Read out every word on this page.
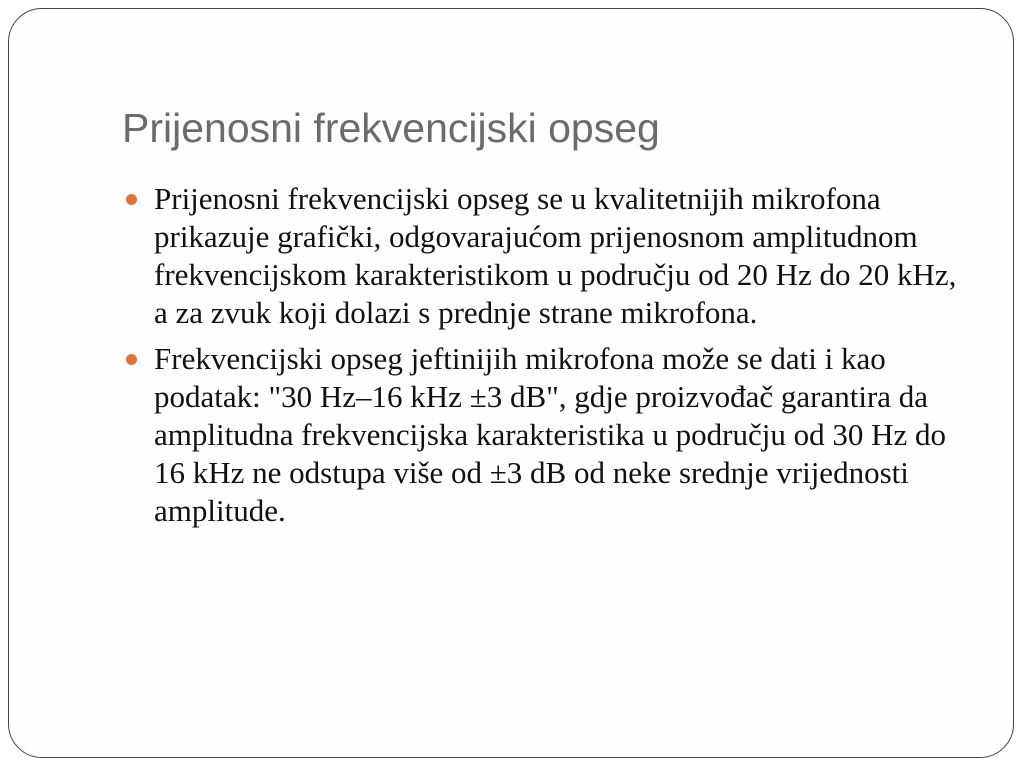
Prijenosni frekvencijski opseg
Prijenosni frekvencijski opseg se u kvalitetnijih mikrofona prikazuje grafički, odgovarajućom prijenosnom amplitudnom frekvencijskom karakteristikom u području od 20 Hz do 20 kHz, a za zvuk koji dolazi s prednje strane mikrofona.
Frekvencijski opseg jeftinijih mikrofona može se dati i kao podatak: "30 Hz–16 kHz ±3 dB", gdje proizvođač garantira da amplitudna frekvencijska karakteristika u području od 30 Hz do 16 kHz ne odstupa više od ±3 dB od neke srednje vrijednosti amplitude.
